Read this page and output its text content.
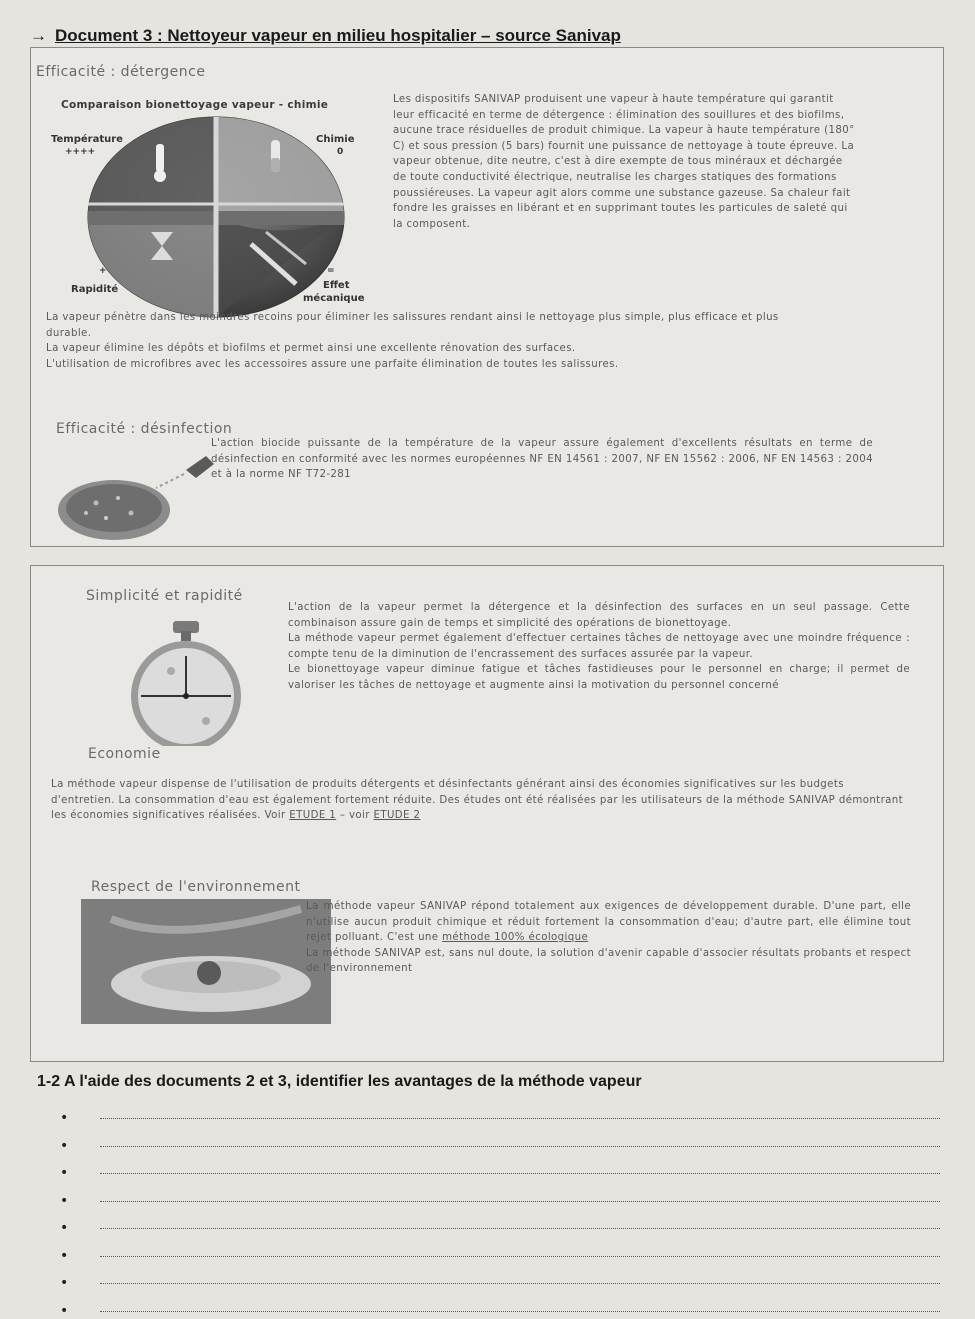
→ Document 3 : Nettoyeur vapeur en milieu hospitalier – source Sanivap
Efficacité : détergence
Comparaison bionettoyage vapeur - chimie
Température
++++
Chimie
0
+
Rapidité
=
Effet
mécanique
Les dispositifs SANIVAP produisent une vapeur à haute température qui garantit leur efficacité en terme de détergence : élimination des souillures et des biofilms, aucune trace résiduelles de produit chimique. La vapeur à haute température (180° C) et sous pression (5 bars) fournit une puissance de nettoyage à toute épreuve. La vapeur obtenue, dite neutre, c'est à dire exempte de tous minéraux et déchargée de toute conductivité électrique, neutralise les charges statiques des formations poussiéreuses. La vapeur agit alors comme une substance gazeuse. Sa chaleur fait fondre les graisses en libérant et en supprimant toutes les particules de saleté qui la composent.

La vapeur pénètre dans les moindres recoins pour éliminer les salissures rendant ainsi le nettoyage plus simple, plus efficace et plus durable.

La vapeur élimine les dépôts et biofilms et permet ainsi une excellente rénovation des surfaces.

L'utilisation de microfibres avec les accessoires assure une parfaite élimination de toutes les salissures.

Efficacité : désinfection
L'action biocide puissante de la température de la vapeur assure également d'excellents résultats en terme de désinfection en conformité avec les normes européennes NF EN 14561 : 2007, NF EN 15562 : 2006, NF EN 14563 : 2004 et à la norme NF T72-281
Simplicité et rapidité

L'action de la vapeur permet la détergence et la désinfection des surfaces en un seul passage. Cette combinaison assure gain de temps et simplicité des opérations de bionettoyage.

La méthode vapeur permet également d'effectuer certaines tâches de nettoyage avec une moindre fréquence : compte tenu de la diminution de l'encrassement des surfaces assurée par la vapeur.

Le bionettoyage vapeur diminue fatigue et tâches fastidieuses pour le personnel en charge; il permet de valoriser les tâches de nettoyage et augmente ainsi la motivation du personnel concerné

Economie
La méthode vapeur dispense de l'utilisation de produits détergents et désinfectants générant ainsi des économies significatives sur les budgets d'entretien. La consommation d'eau est également fortement réduite. Des études ont été réalisées par les utilisateurs de la méthode SANIVAP démontrant les économies significatives réalisées. Voir ETUDE 1 – voir ETUDE 2
Respect de l'environnement
La méthode vapeur SANIVAP répond totalement aux exigences de développement durable. D'une part, elle n'utilise aucun produit chimique et réduit fortement la consommation d'eau; d'autre part, elle élimine tout rejet polluant. C'est une méthode 100% écologique

La méthode SANIVAP est, sans nul doute, la solution d'avenir capable d'associer résultats probants et respect de l'environnement

1-2 A l'aide des documents 2 et 3, identifier les avantages de la méthode vapeur
•
•
•
•
•
•
•
•
